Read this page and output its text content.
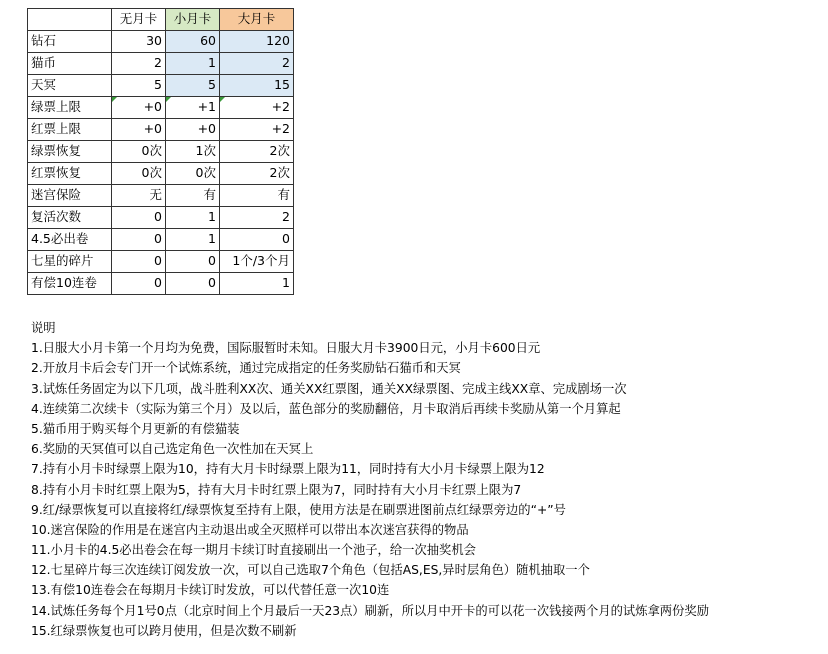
	无月卡	小月卡	大月卡
钻石	30	60	120
猫币	2	1	2
天冥	5	5	15
绿票上限	+0	+1	+2
红票上限	+0	+0	+2
绿票恢复	0次	1次	2次
红票恢复	0次	0次	2次
迷宫保险	无	有	有
复活次数	0	1	2
4.5必出卷	0	1	0
七星的碎片	0	0	1个/3个月
有偿10连卷	0	0	1
说明
1.日服大小月卡第一个月均为免费，国际服暂时未知。日服大月卡3900日元，小月卡600日元
2.开放月卡后会专门开一个试炼系统，通过完成指定的任务奖励钻石猫币和天冥
3.试炼任务固定为以下几项，战斗胜利XX次、通关XX红票图，通关XX绿票图、完成主线XX章、完成剧场一次
4.连续第二次续卡（实际为第三个月）及以后，蓝色部分的奖励翻倍，月卡取消后再续卡奖励从第一个月算起
5.猫币用于购买每个月更新的有偿猫装
6.奖励的天冥值可以自己选定角色一次性加在天冥上
7.持有小月卡时绿票上限为10，持有大月卡时绿票上限为11，同时持有大小月卡绿票上限为12
8.持有小月卡时红票上限为5，持有大月卡时红票上限为7，同时持有大小月卡红票上限为7
9.红/绿票恢复可以直接将红/绿票恢复至持有上限，使用方法是在刷票进图前点红绿票旁边的“+”号
10.迷宫保险的作用是在迷宫内主动退出或全灭照样可以带出本次迷宫获得的物品
11.小月卡的4.5必出卷会在每一期月卡续订时直接刷出一个池子，给一次抽奖机会
12.七星碎片每三次连续订阅发放一次，可以自己选取7个角色（包括AS,ES,异时层角色）随机抽取一个
13.有偿10连卷会在每期月卡续订时发放，可以代替任意一次10连
14.试炼任务每个月1号0点（北京时间上个月最后一天23点）刷新，所以月中开卡的可以花一次钱接两个月的试炼拿两份奖励
15.红绿票恢复也可以跨月使用，但是次数不刷新
